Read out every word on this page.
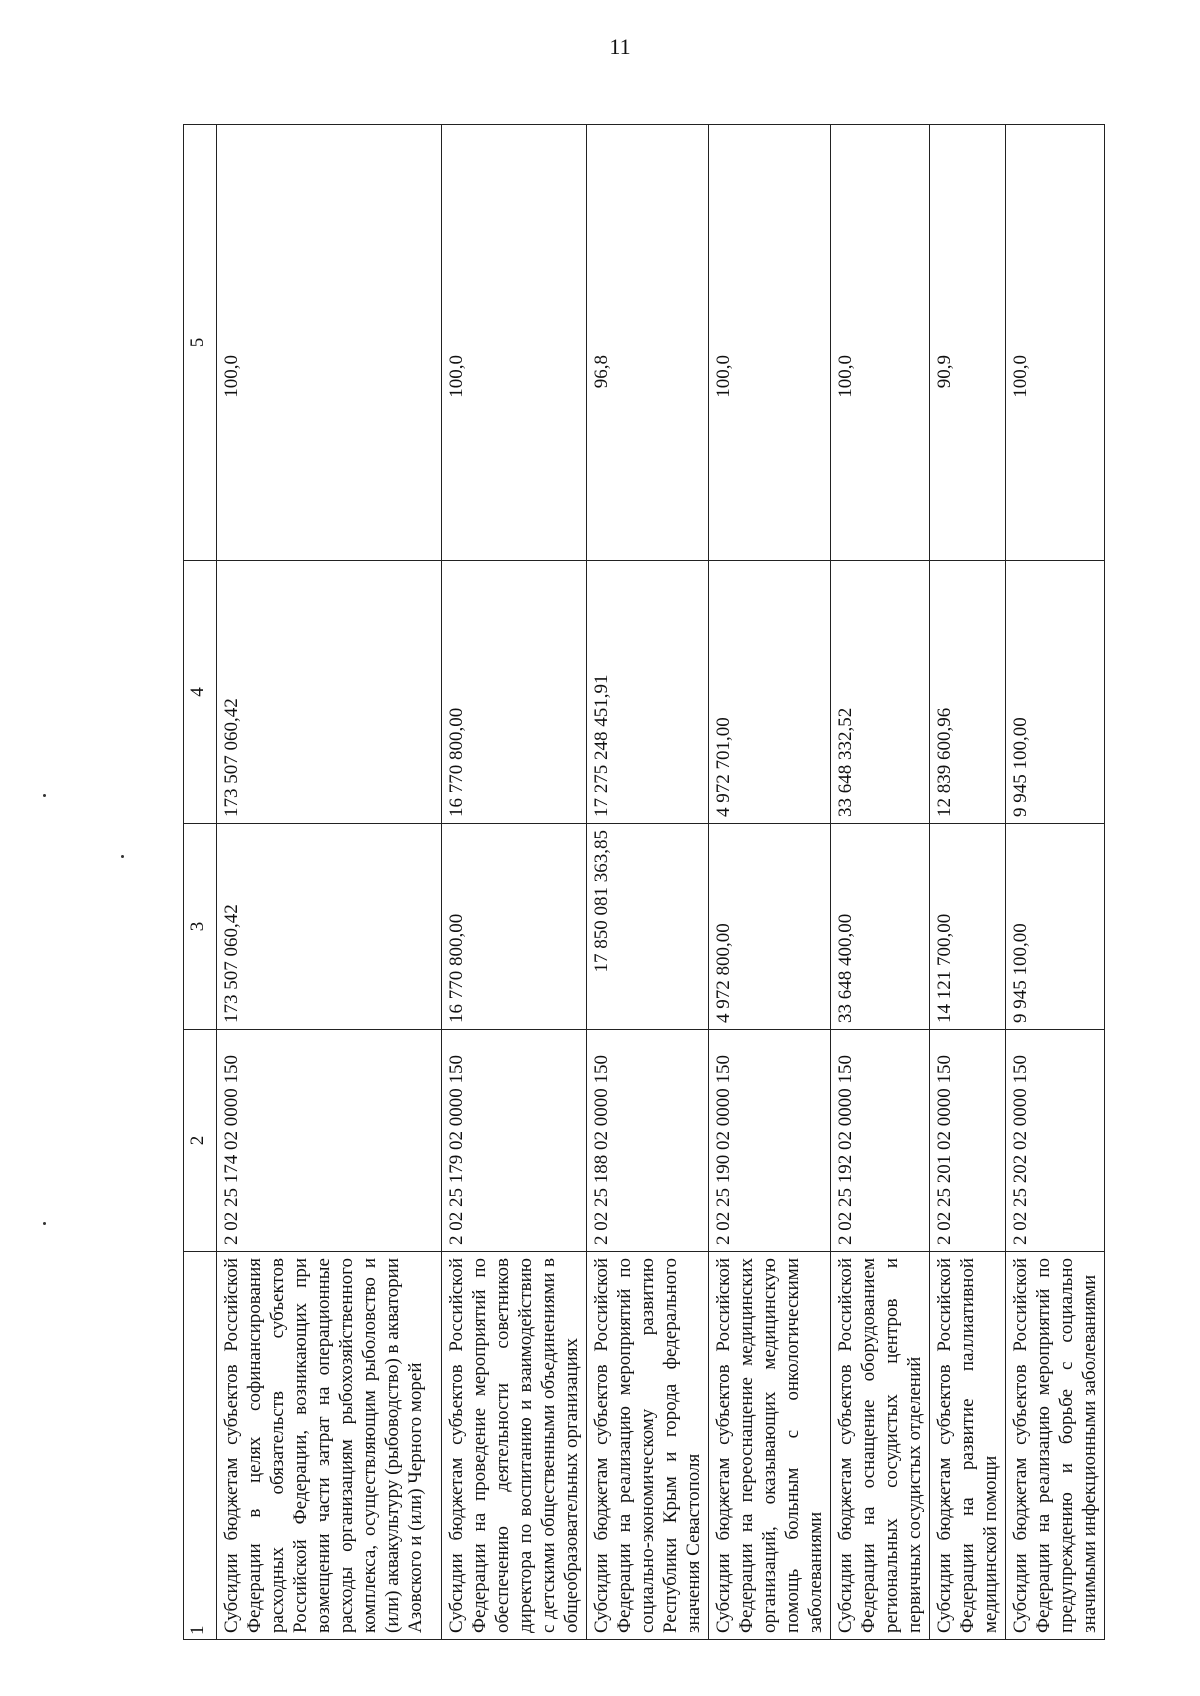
11
1	2	3	4	5
Субсидии бюджетам субъектов Российской Федерации в целях софинансирования расходных обязательств субъектов Российской Федерации, возникающих при возмещении части затрат на операционные расходы организациям рыбохозяйственного комплекса, осуществляющим рыболовство и (или) аквакультуру (рыбоводство) в акватории Азовского и (или) Черного морей	2 02 25 174 02 0000 150	173 507 060,42	173 507 060,42	100,0
Субсидии бюджетам субъектов Российской Федерации на проведение мероприятий по обеспечению деятельности советников директора по воспитанию и взаимодействию с детскими общественными объединениями в общеобразовательных организациях	2 02 25 179 02 0000 150	16 770 800,00	16 770 800,00	100,0
Субсидии бюджетам субъектов Российской Федерации на реализацию мероприятий по социально-экономическому развитию Республики Крым и города федерального значения Севастополя	2 02 25 188 02 0000 150	17 850 081 363,85	17 275 248 451,91	96,8
Субсидии бюджетам субъектов Российской Федерации на переоснащение медицинских организаций, оказывающих медицинскую помощь больным с онкологическими заболеваниями	2 02 25 190 02 0000 150	4 972 800,00	4 972 701,00	100,0
Субсидии бюджетам субъектов Российской Федерации на оснащение оборудованием региональных сосудистых центров и первичных сосудистых отделений	2 02 25 192 02 0000 150	33 648 400,00	33 648 332,52	100,0
Субсидии бюджетам субъектов Российской Федерации на развитие паллиативной медицинской помощи	2 02 25 201 02 0000 150	14 121 700,00	12 839 600,96	90,9
Субсидии бюджетам субъектов Российской Федерации на реализацию мероприятий по предупреждению и борьбе с социально значимыми инфекционными заболеваниями	2 02 25 202 02 0000 150	9 945 100,00	9 945 100,00	100,0
